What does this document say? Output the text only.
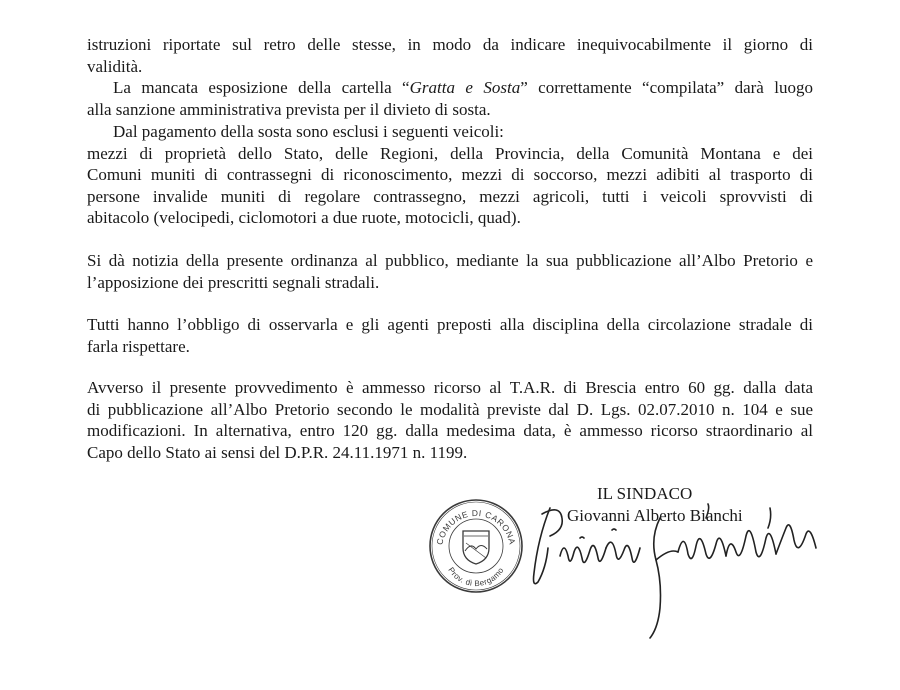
istruzioni riportate sul retro delle stesse, in modo da indicare inequivocabilmente il giorno di
validità.
La mancata esposizione della cartella “Gratta e Sosta” correttamente “compilata” darà luogo
alla sanzione amministrativa prevista per il divieto di sosta.
Dal pagamento della sosta sono esclusi i seguenti veicoli:
mezzi di proprietà dello Stato, delle Regioni, della Provincia, della Comunità Montana e dei
Comuni muniti di contrassegni di riconoscimento, mezzi di soccorso, mezzi adibiti al trasporto di
persone invalide muniti di regolare contrassegno, mezzi agricoli, tutti i veicoli sprovvisti di
abitacolo (velocipedi, ciclomotori a due ruote, motocicli, quad).
Si dà notizia della presente ordinanza al pubblico, mediante la sua pubblicazione all’Albo Pretorio e
l’apposizione dei prescritti segnali stradali.
Tutti hanno l’obbligo di osservarla e gli agenti preposti alla disciplina della circolazione stradale di
farla rispettare.
Avverso il presente provvedimento è ammesso ricorso al T.A.R. di Brescia entro 60 gg. dalla data
di pubblicazione all’Albo Pretorio secondo le modalità previste dal D. Lgs. 02.07.2010 n. 104 e sue
modificazioni. In alternativa, entro 120 gg. dalla medesima data, è ammesso ricorso straordinario al
Capo dello Stato ai sensi del D.P.R. 24.11.1971 n. 1199.
COMUNE DI CARONA
Prov. di Bergamo
IL SINDACO
Giovanni Alberto Bianchi
